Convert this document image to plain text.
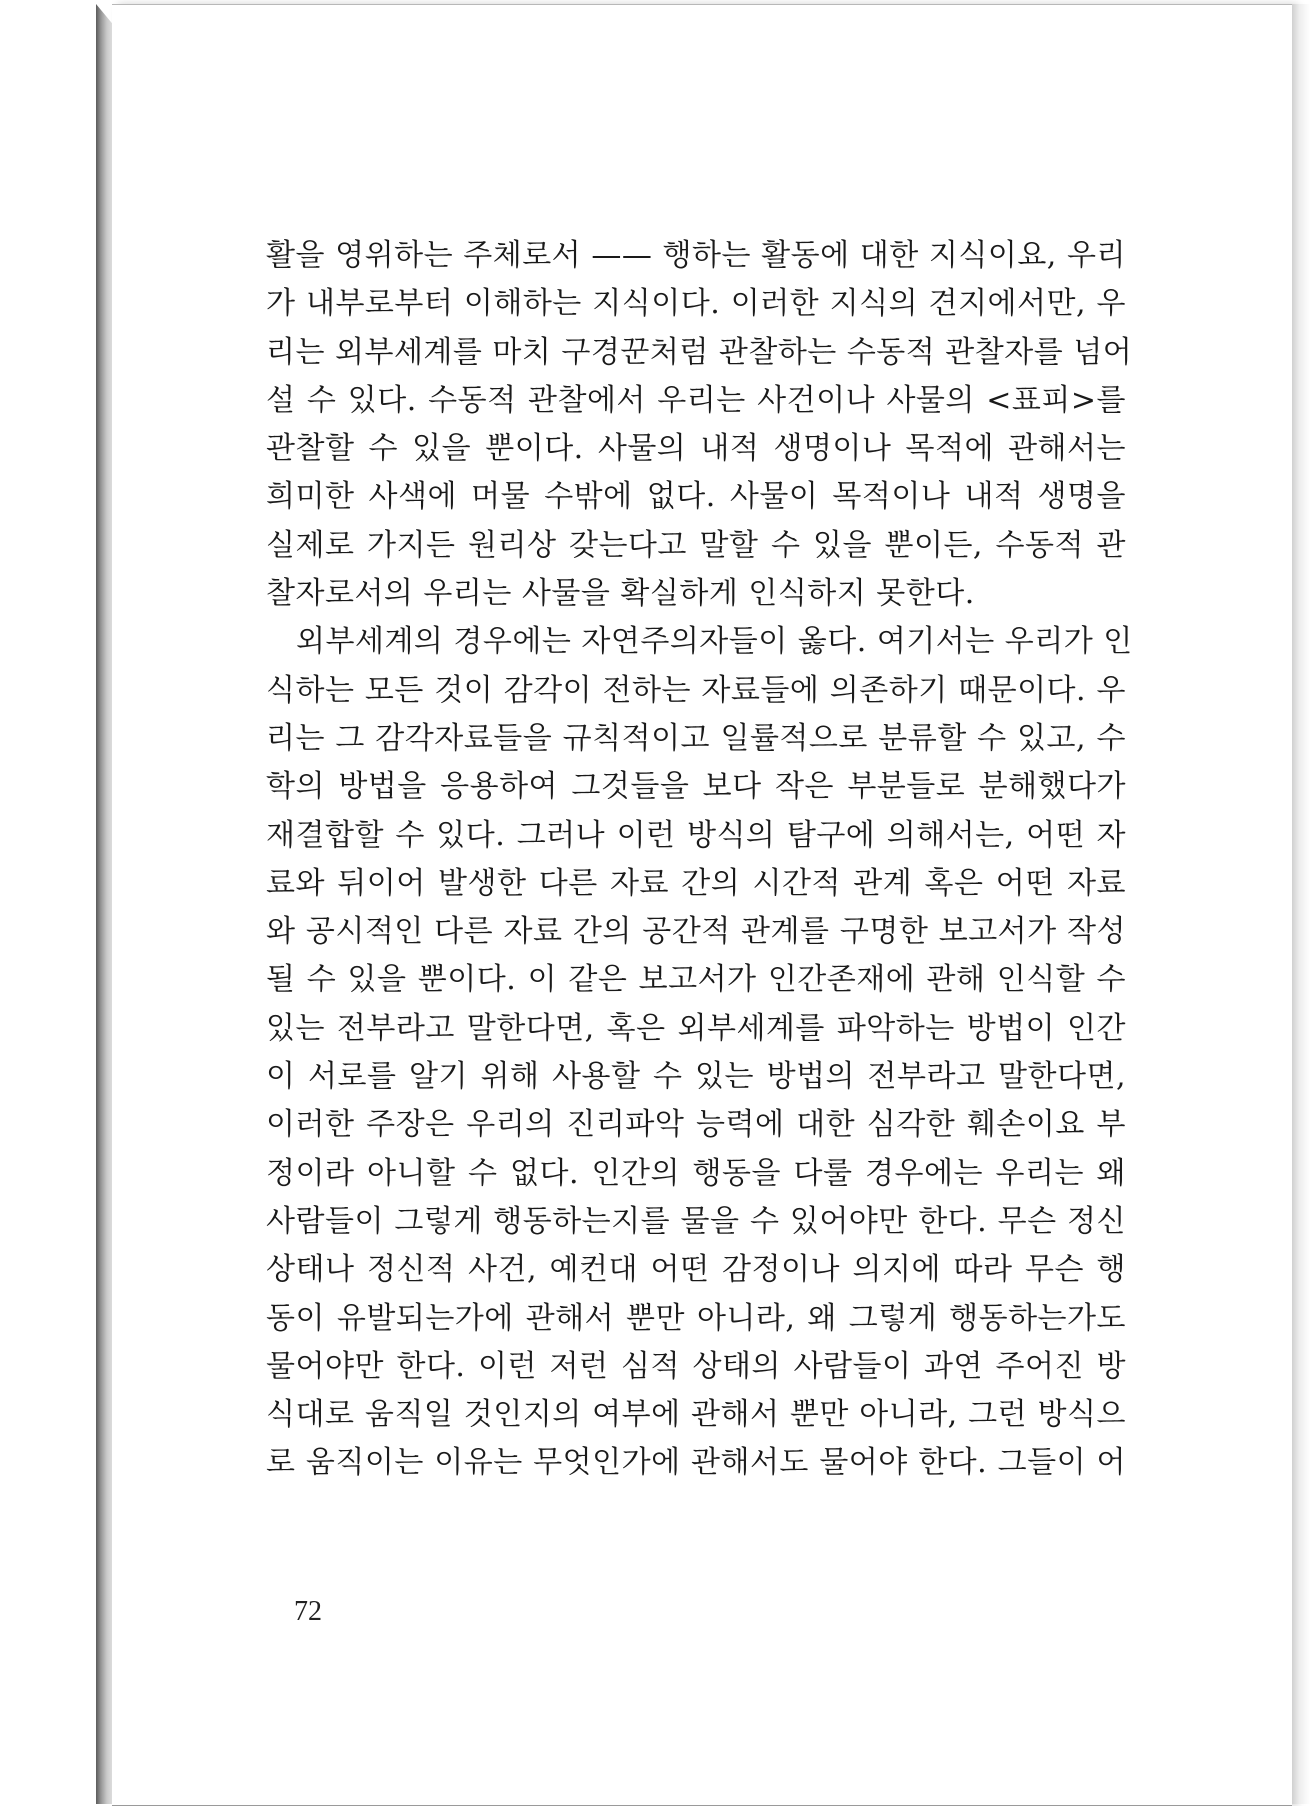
활을 영위하는 주체로서 —— 행하는 활동에 대한 지식이요, 우리
가 내부로부터 이해하는 지식이다. 이러한 지식의 견지에서만, 우
리는 외부세계를 마치 구경꾼처럼 관찰하는 수동적 관찰자를 넘어
설 수 있다. 수동적 관찰에서 우리는 사건이나 사물의 <표피>를
관찰할 수 있을 뿐이다. 사물의 내적 생명이나 목적에 관해서는
희미한 사색에 머물 수밖에 없다. 사물이 목적이나 내적 생명을
실제로 가지든 원리상 갖는다고 말할 수 있을 뿐이든, 수동적 관
찰자로서의 우리는 사물을 확실하게 인식하지 못한다.
외부세계의 경우에는 자연주의자들이 옳다. 여기서는 우리가 인
식하는 모든 것이 감각이 전하는 자료들에 의존하기 때문이다. 우
리는 그 감각자료들을 규칙적이고 일률적으로 분류할 수 있고, 수
학의 방법을 응용하여 그것들을 보다 작은 부분들로 분해했다가
재결합할 수 있다. 그러나 이런 방식의 탐구에 의해서는, 어떤 자
료와 뒤이어 발생한 다른 자료 간의 시간적 관계 혹은 어떤 자료
와 공시적인 다른 자료 간의 공간적 관계를 구명한 보고서가 작성
될 수 있을 뿐이다. 이 같은 보고서가 인간존재에 관해 인식할 수
있는 전부라고 말한다면, 혹은 외부세계를 파악하는 방법이 인간
이 서로를 알기 위해 사용할 수 있는 방법의 전부라고 말한다면,
이러한 주장은 우리의 진리파악 능력에 대한 심각한 훼손이요 부
정이라 아니할 수 없다. 인간의 행동을 다룰 경우에는 우리는 왜
사람들이 그렇게 행동하는지를 물을 수 있어야만 한다. 무슨 정신
상태나 정신적 사건, 예컨대 어떤 감정이나 의지에 따라 무슨 행
동이 유발되는가에 관해서 뿐만 아니라, 왜 그렇게 행동하는가도
물어야만 한다. 이런 저런 심적 상태의 사람들이 과연 주어진 방
식대로 움직일 것인지의 여부에 관해서 뿐만 아니라, 그런 방식으
로 움직이는 이유는 무엇인가에 관해서도 물어야 한다. 그들이 어
72
